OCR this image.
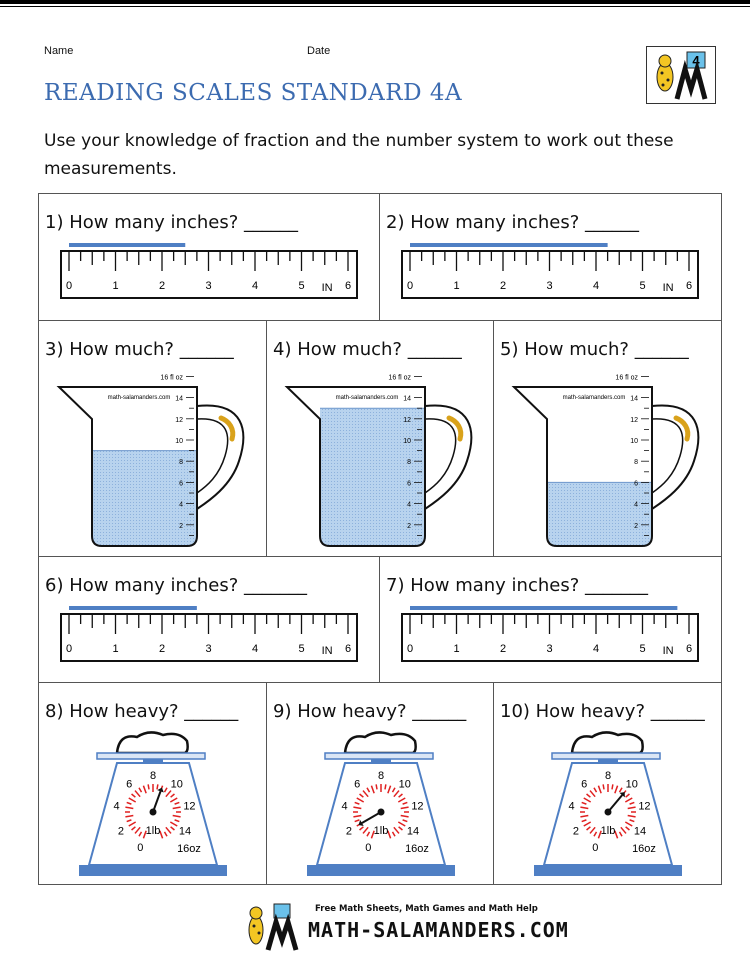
Name	Date
4
READING SCALES STANDARD 4A
Use your knowledge of fraction and the number system to work out these measurements.
1) How many inches? ______
0	1	2	3	4	5	6
IN
2) How many inches? ______
0	1	2	3	4	5	6
IN
3) How much? ______
math-salamanders.com
2
4
6
8
10
12
14
16 fl oz
4) How much? ______
math-salamanders.com
2
4
6
8
10
12
14
16 fl oz
5) How much? ______
math-salamanders.com
2
4
6
8
10
12
14
16 fl oz
6) How many inches? _______
0	1	2	3	4	5	6
IN
7) How many inches? _______
0	1	2	3	4	5	6
IN
8) How heavy? ______
0
2
4
6
8
10
12
14
16oz
1lb
9) How heavy? ______
0
2
4
6
8
10
12
14
16oz
1lb
10) How heavy? ______
0
2
4
6
8
10
12
14
16oz
1lb
Free Math Sheets, Math Games and Math Help
MATH-SALAMANDERS.COM
